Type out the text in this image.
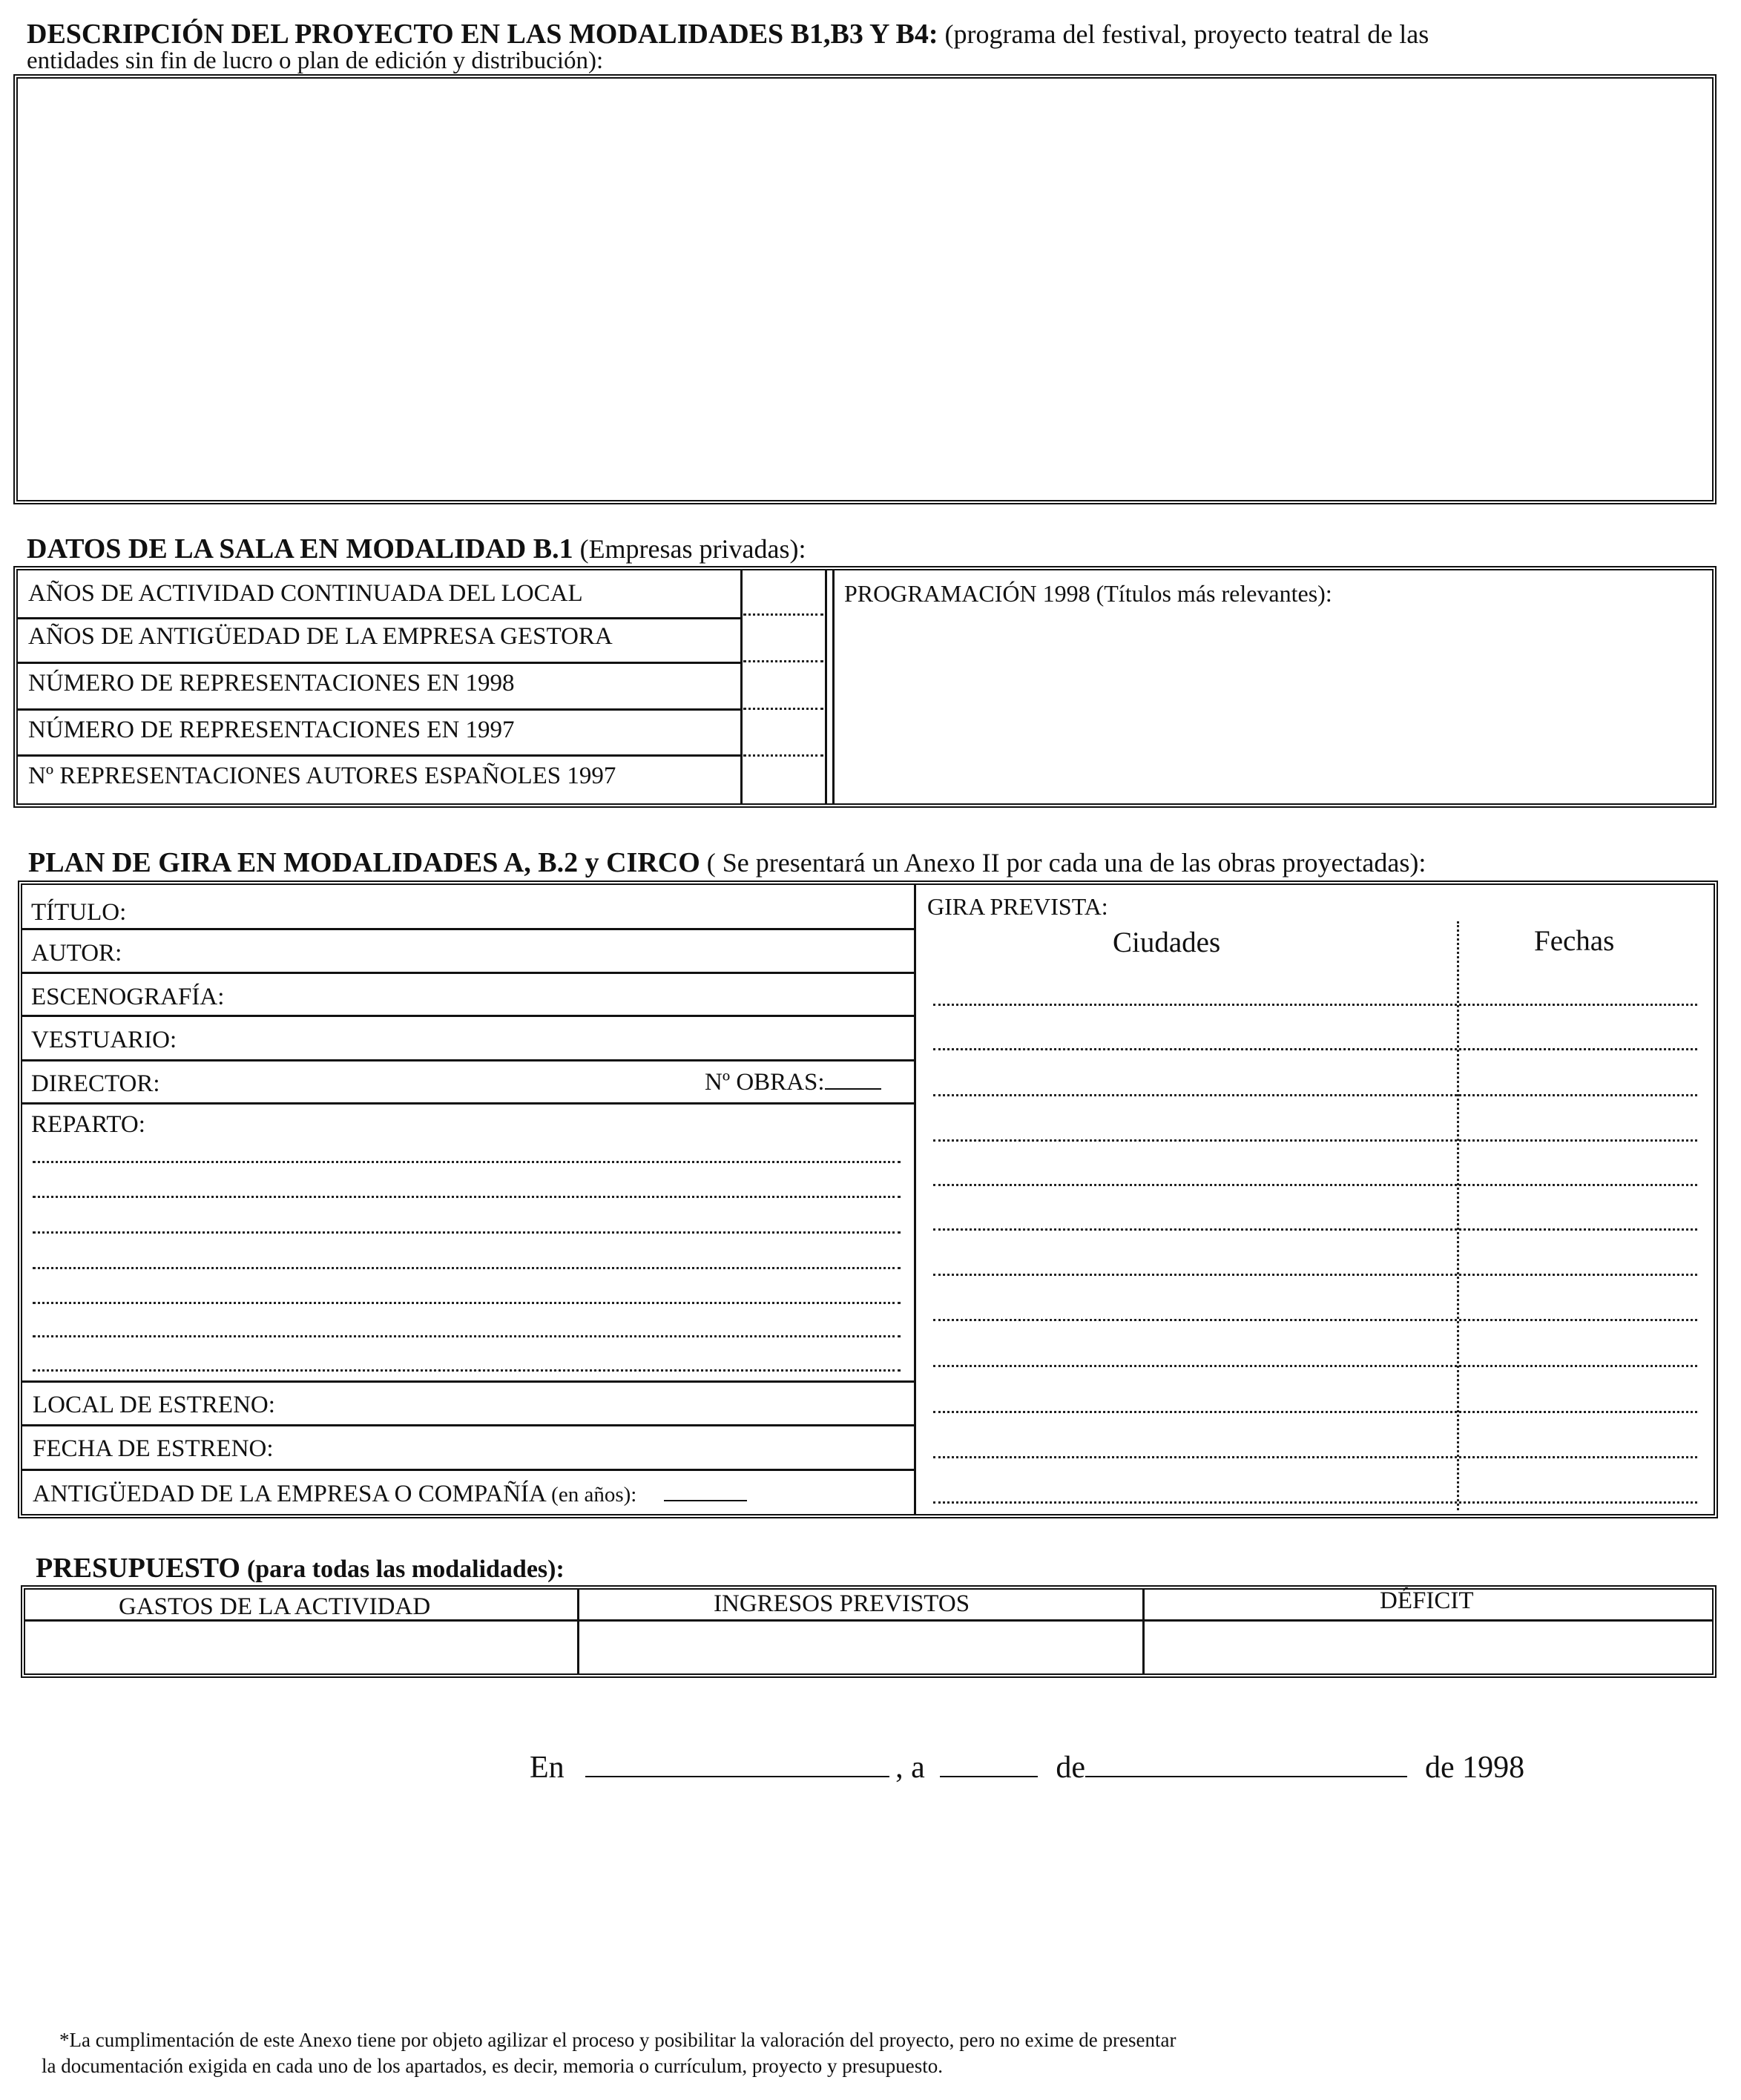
DESCRIPCIÓN DEL PROYECTO EN LAS MODALIDADES B1,B3 Y B4: (programa del festival, proyecto teatral de las
entidades sin fin de lucro o plan de edición y distribución):
DATOS DE LA SALA EN MODALIDAD B.1 (Empresas privadas):
AÑOS DE ACTIVIDAD CONTINUADA DEL LOCAL
AÑOS DE ANTIGÜEDAD DE LA EMPRESA GESTORA
NÚMERO DE REPRESENTACIONES EN 1998
NÚMERO DE REPRESENTACIONES EN 1997
Nº REPRESENTACIONES AUTORES ESPAÑOLES 1997
PROGRAMACIÓN 1998 (Títulos más relevantes):
PLAN DE GIRA EN MODALIDADES A, B.2 y CIRCO ( Se presentará un Anexo II por cada una de las obras proyectadas):
TÍTULO:
AUTOR:
ESCENOGRAFÍA:
VESTUARIO:
DIRECTOR:	Nº OBRAS:
REPARTO:
LOCAL DE ESTRENO:
FECHA DE ESTRENO:
ANTIGÜEDAD DE LA EMPRESA O COMPAÑÍA (en años):
GIRA PREVISTA:
Ciudades	Fechas
PRESUPUESTO (para todas las modalidades):
GASTOS DE LA ACTIVIDAD	INGRESOS PREVISTOS	DÉFICIT
En	, a	de	de 1998
*La cumplimentación de este Anexo tiene por objeto agilizar el proceso y posibilitar la valoración del proyecto, pero no exime de presentar
la documentación exigida en cada uno de los apartados, es decir, memoria o currículum, proyecto y presupuesto.
